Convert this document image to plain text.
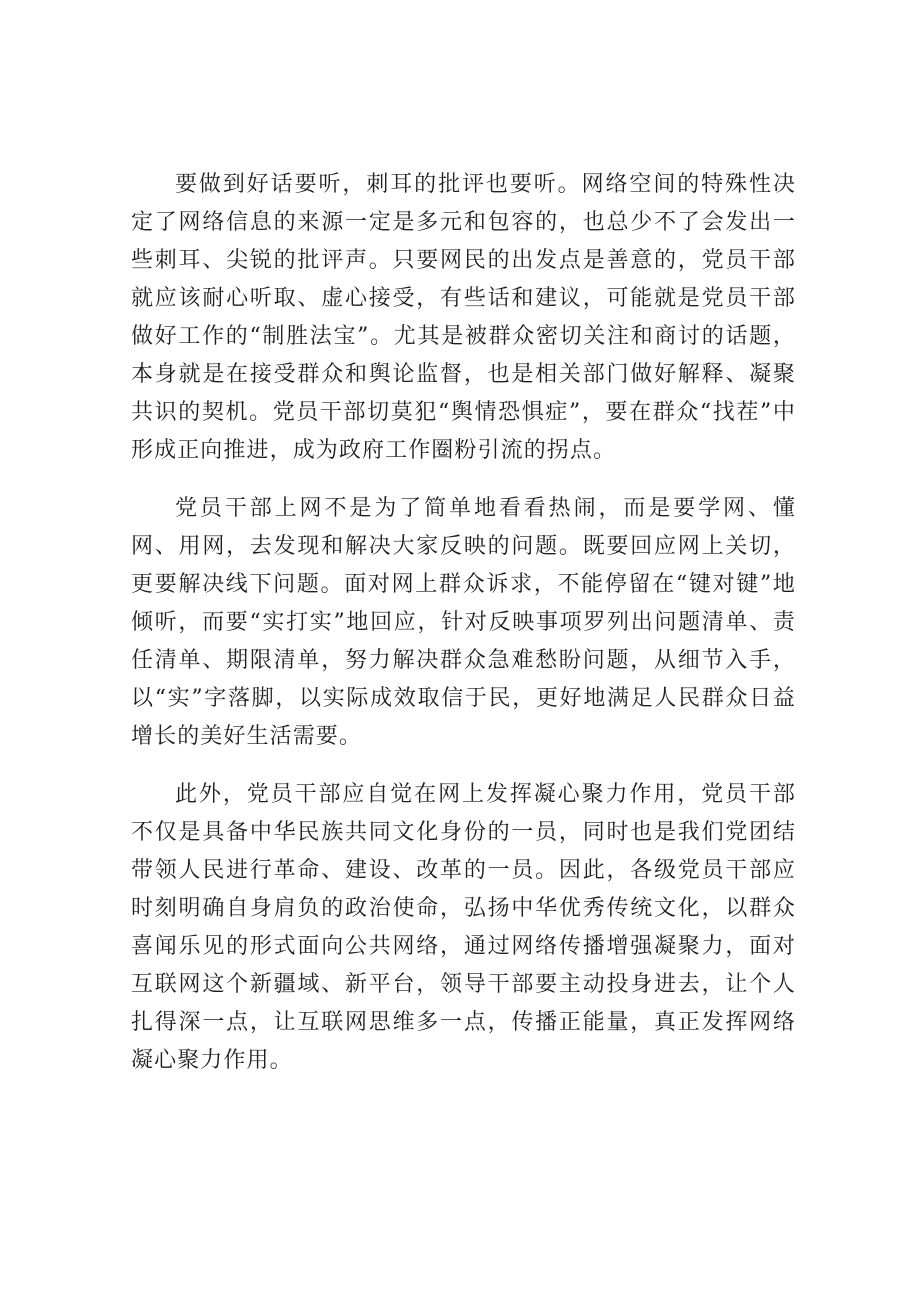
要做到好话要听，刺耳的批评也要听。网络空间的特殊性决定了网络信息的来源一定是多元和包容的，也总少不了会发出一些刺耳、尖锐的批评声。只要网民的出发点是善意的，党员干部就应该耐心听取、虚心接受，有些话和建议，可能就是党员干部做好工作的“制胜法宝”。尤其是被群众密切关注和商讨的话题，本身就是在接受群众和舆论监督，也是相关部门做好解释、凝聚共识的契机。党员干部切莫犯“舆情恐惧症”，要在群众“找茬”中形成正向推进，成为政府工作圈粉引流的拐点。

党员干部上网不是为了简单地看看热闹，而是要学网、懂网、用网，去发现和解决大家反映的问题。既要回应网上关切，更要解决线下问题。面对网上群众诉求，不能停留在“键对键”地倾听，而要“实打实”地回应，针对反映事项罗列出问题清单、责任清单、期限清单，努力解决群众急难愁盼问题，从细节入手，以“实”字落脚，以实际成效取信于民，更好地满足人民群众日益增长的美好生活需要。

此外，党员干部应自觉在网上发挥凝心聚力作用，党员干部不仅是具备中华民族共同文化身份的一员，同时也是我们党团结带领人民进行革命、建设、改革的一员。因此，各级党员干部应时刻明确自身肩负的政治使命，弘扬中华优秀传统文化，以群众喜闻乐见的形式面向公共网络，通过网络传播增强凝聚力，面对互联网这个新疆域、新平台，领导干部要主动投身进去，让个人扎得深一点，让互联网思维多一点，传播正能量，真正发挥网络凝心聚力作用。
